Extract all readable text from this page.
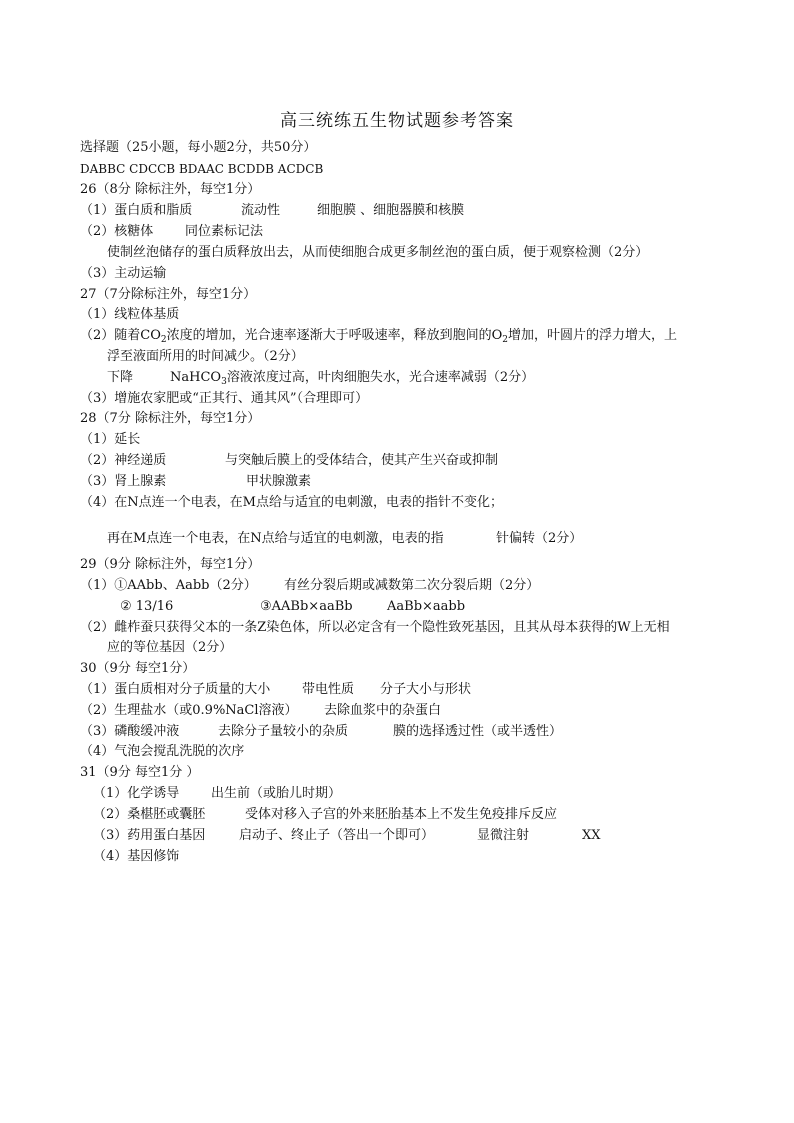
高三统练五生物试题参考答案
选择题（25小题，每小题2分，共50分）
DABBC CDCCB BDAAC BCDDB ACDCB
26（8分 除标注外，每空1分）
（1）蛋白质和脂质	流动性	细胞膜 、细胞器膜和核膜
（2）核糖体 同位素标记法
使制丝泡储存的蛋白质释放出去，从而使细胞合成更多制丝泡的蛋白质，便于观察检测（2分）
（3）主动运输
27（7分除标注外，每空1分）
（1）线粒体基质
（2）随着$CO_2$浓度的增加，光合速率逐渐大于呼吸速率，释放到胞间的$O_2$增加，叶圆片的浮力增大，上
浮至液面所用的时间减少。（2分）
下降	NaHCO$_3$溶液浓度过高，叶肉细胞失水，光合速率减弱（2分）
（3）增施农家肥或“正其行、通其风”（合理即可）
28（7分 除标注外，每空1分）
（1）延长
（2）神经递质	与突触后膜上的受体结合，使其产生兴奋或抑制
（3）肾上腺素	甲状腺激素
（4）在N点连一个电表，在M点给与适宜的电刺激，电表的指针不变化；
再在M点连一个电表，在N点给与适宜的电刺激，电表的指	针偏转（2分）
29（9分 除标注外，每空1分）
（1）①AAbb、Aabb（2分） 有丝分裂后期或减数第二次分裂后期（2分）
② 13/16	③AABb×aaBb	AaBb×aabb
（2）雌柞蚕只获得父本的一条Z染色体，所以必定含有一个隐性致死基因，且其从母本获得的W上无相
应的等位基因（2分）
30（9分 每空1分）
（1）蛋白质相对分子质量的大小 带电性质 分子大小与形状
（2）生理盐水（或0.9%NaCl溶液） 去除血浆中的杂蛋白
（3）磷酸缓冲液	去除分子量较小的杂质	膜的选择透过性（或半透性）
（4）气泡会搅乱洗脱的次序
31（9分 每空1分 ）
（1）化学诱导 出生前（或胎儿时期）
（2）桑椹胚或囊胚	受体对移入子宫的外来胚胎基本上不发生免疫排斥反应
（3）药用蛋白基因	启动子、终止子（答出一个即可）	显微注射	XX
（4）基因修饰
